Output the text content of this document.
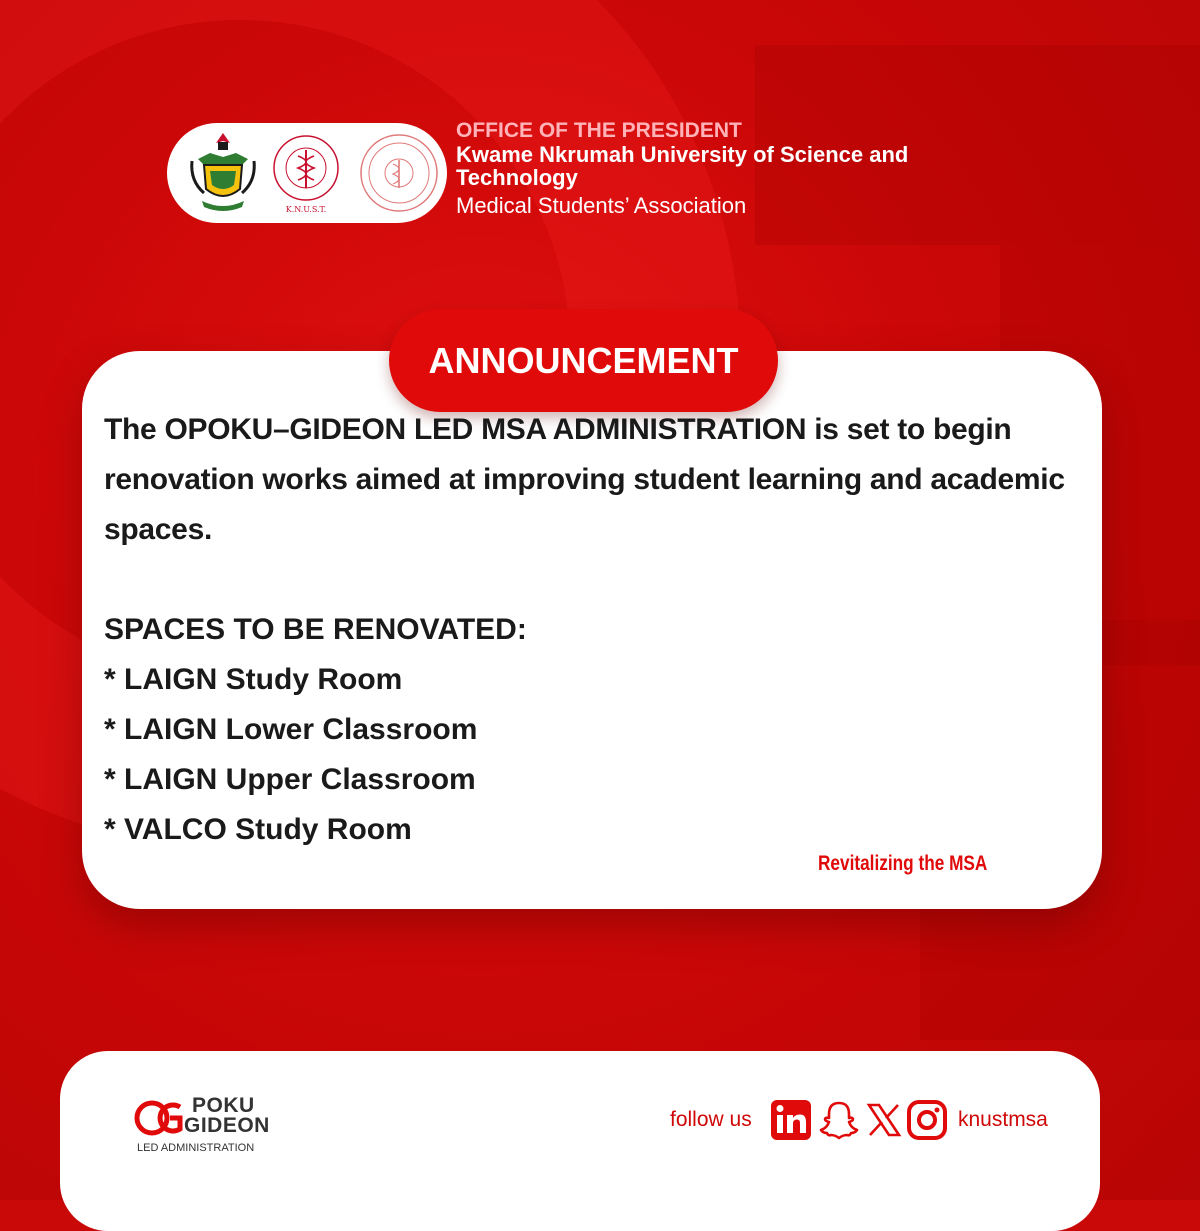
K.N.U.S.T.
OFFICE OF THE PRESIDENT
Kwame Nkrumah University of Science and Technology
Medical Students’ Association
ANNOUNCEMENT
The OPOKU–GIDEON LED MSA ADMINISTRATION is set to begin renovation works aimed at improving student learning and academic spaces.
SPACES TO BE RENOVATED:
* LAIGN Study Room
* LAIGN Lower Classroom
* LAIGN Upper Classroom
* VALCO Study Room
Revitalizing the MSA
POKU
GIDEON
LED ADMINISTRATION
follow us	knustmsa
